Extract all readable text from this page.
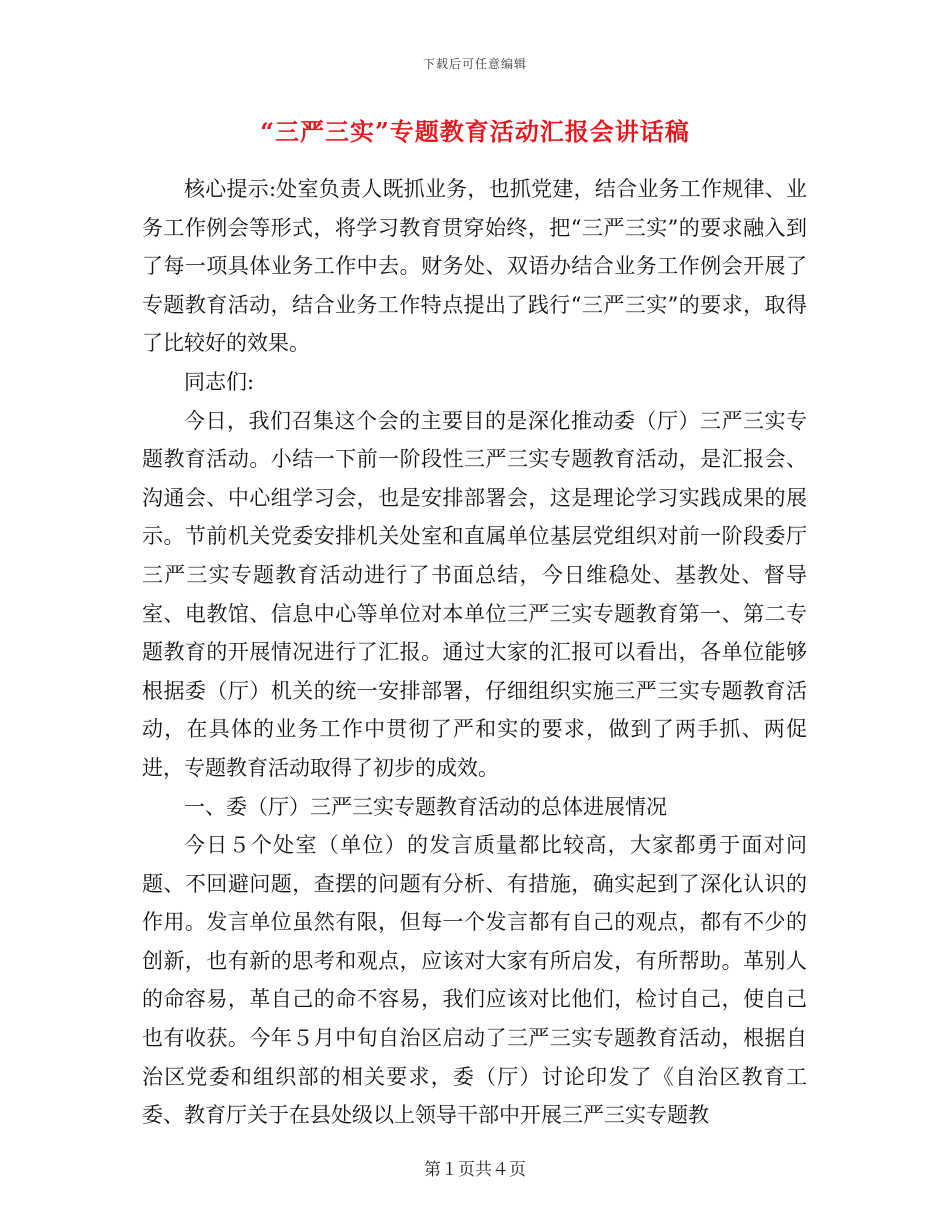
下载后可任意编辑
“三严三实”专题教育活动汇报会讲话稿

核心提示:处室负责人既抓业务，也抓党建，结合业务工作规律、业务工作例会等形式，将学习教育贯穿始终，把“三严三实”的要求融入到了每一项具体业务工作中去。财务处、双语办结合业务工作例会开展了专题教育活动，结合业务工作特点提出了践行“三严三实”的要求，取得了比较好的效果。

同志们:

今日，我们召集这个会的主要目的是深化推动委（厅）三严三实专题教育活动。小结一下前一阶段性三严三实专题教育活动，是汇报会、沟通会、中心组学习会，也是安排部署会，这是理论学习实践成果的展示。节前机关党委安排机关处室和直属单位基层党组织对前一阶段委厅三严三实专题教育活动进行了书面总结，今日维稳处、基教处、督导室、电教馆、信息中心等单位对本单位三严三实专题教育第一、第二专题教育的开展情况进行了汇报。通过大家的汇报可以看出，各单位能够根据委（厅）机关的统一安排部署，仔细组织实施三严三实专题教育活动，在具体的业务工作中贯彻了严和实的要求，做到了两手抓、两促进，专题教育活动取得了初步的成效。

一、委（厅）三严三实专题教育活动的总体进展情况

今日５个处室（单位）的发言质量都比较高，大家都勇于面对问题、不回避问题，查摆的问题有分析、有措施，确实起到了深化认识的作用。发言单位虽然有限，但每一个发言都有自己的观点，都有不少的创新，也有新的思考和观点，应该对大家有所启发，有所帮助。革别人的命容易，革自己的命不容易，我们应该对比他们，检讨自己，使自己也有收获。今年５月中旬自治区启动了三严三实专题教育活动，根据自治区党委和组织部的相关要求，委（厅）讨论印发了《自治区教育工委、教育厅关于在县处级以上领导干部中开展三严三实专题教

第１页共４页
